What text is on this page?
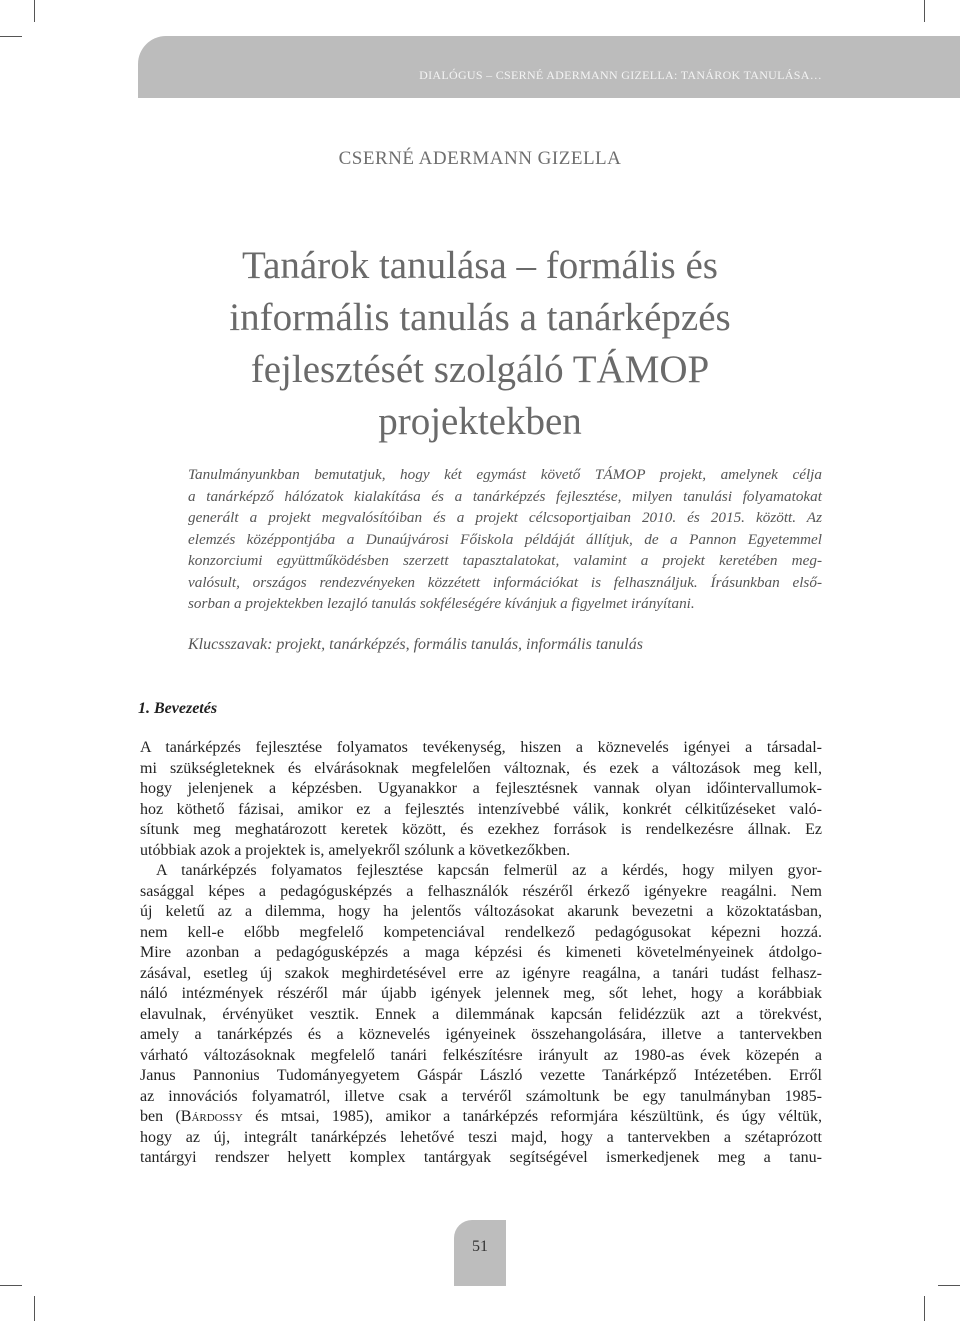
DIALÓGUS – CSERNÉ ADERMANN GIZELLA: TANÁROK TANULÁSA…
CSERNÉ ADERMANN GIZELLA
Tanárok tanulása – formális és
informális tanulás a tanárképzés
fejlesztését szolgáló TÁMOP
projektekben
Tanulmányunkban bemutatjuk, hogy két egymást követő TÁMOP projekt, amelynek célja
a tanárképző hálózatok kialakítása és a tanárképzés fejlesztése, milyen tanulási folyamatokat
generált a projekt megvalósítóiban és a projekt célcsoportjaiban 2010. és 2015. között. Az
elemzés középpontjába a Dunaújvárosi Főiskola példáját állítjuk, de a Pannon Egyetemmel
konzorciumi együttműködésben szerzett tapasztalatokat, valamint a projekt keretében meg-
valósult, országos rendezvényeken közzétett információkat is felhasználjuk. Írásunkban első-
sorban a projektekben lezajló tanulás sokféleségére kívánjuk a figyelmet irányítani.
Klucsszavak: projekt, tanárképzés, formális tanulás, informális tanulás
1. Bevezetés
A tanárképzés fejlesztése folyamatos tevékenység, hiszen a köznevelés igényei a társadal-
mi szükségleteknek és elvárásoknak megfelelően változnak, és ezek a változások meg kell,
hogy jelenjenek a képzésben. Ugyanakkor a fejlesztésnek vannak olyan időintervallumok-
hoz köthető fázisai, amikor ez a fejlesztés intenzívebbé válik, konkrét célkitűzéseket való-
sítunk meg meghatározott keretek között, és ezekhez források is rendelkezésre állnak. Ez
utóbbiak azok a projektek is, amelyekről szólunk a következőkben.
A tanárképzés folyamatos fejlesztése kapcsán felmerül az a kérdés, hogy milyen gyor-
sasággal képes a pedagógusképzés a felhasználók részéről érkező igényekre reagálni. Nem
új keletű az a dilemma, hogy ha jelentős változásokat akarunk bevezetni a közoktatásban,
nem kell-e előbb megfelelő kompetenciával rendelkező pedagógusokat képezni hozzá.
Mire azonban a pedagógusképzés a maga képzési és kimeneti követelményeinek átdolgo-
zásával, esetleg új szakok meghirdetésével erre az igényre reagálna, a tanári tudást felhasz-
náló intézmények részéről már újabb igények jelennek meg, sőt lehet, hogy a korábbiak
elavulnak, érvényüket vesztik. Ennek a dilemmának kapcsán felidézzük azt a törekvést,
amely a tanárképzés és a köznevelés igényeinek összehangolására, illetve a tantervekben
várható változásoknak megfelelő tanári felkészítésre irányult az 1980-as évek közepén a
Janus Pannonius Tudományegyetem Gáspár László vezette Tanárképző Intézetében. Erről
az innovációs folyamatról, illetve csak a tervéről számoltunk be egy tanulmányban 1985-
ben (Bárdossy és mtsai, 1985), amikor a tanárképzés reformjára készültünk, és úgy véltük,
hogy az új, integrált tanárképzés lehetővé teszi majd, hogy a tantervekben a szétaprózott
tantárgyi rendszer helyett komplex tantárgyak segítségével ismerkedjenek meg a tanu-
51
